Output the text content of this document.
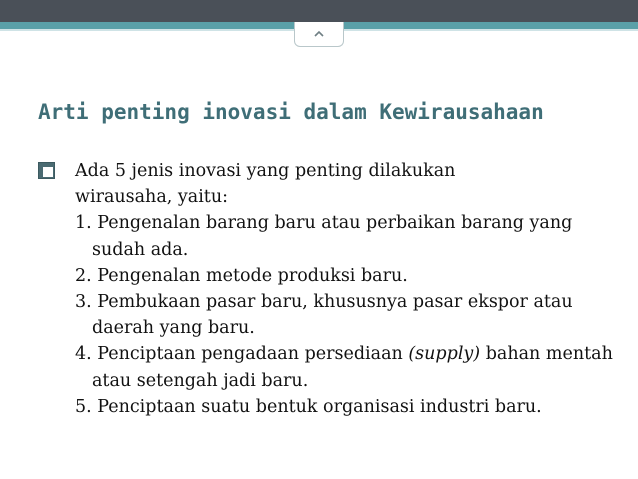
Arti penting inovasi dalam Kewirausahaan
Ada 5 jenis inovasi yang penting dilakukan
wirausaha, yaitu:
1. Pengenalan barang baru atau perbaikan barang yang sudah ada.
2. Pengenalan metode produksi baru.
3. Pembukaan pasar baru, khususnya pasar ekspor atau daerah yang baru.
4. Penciptaan pengadaan persediaan (supply) bahan mentah atau setengah jadi baru.
5. Penciptaan suatu bentuk organisasi industri baru.
